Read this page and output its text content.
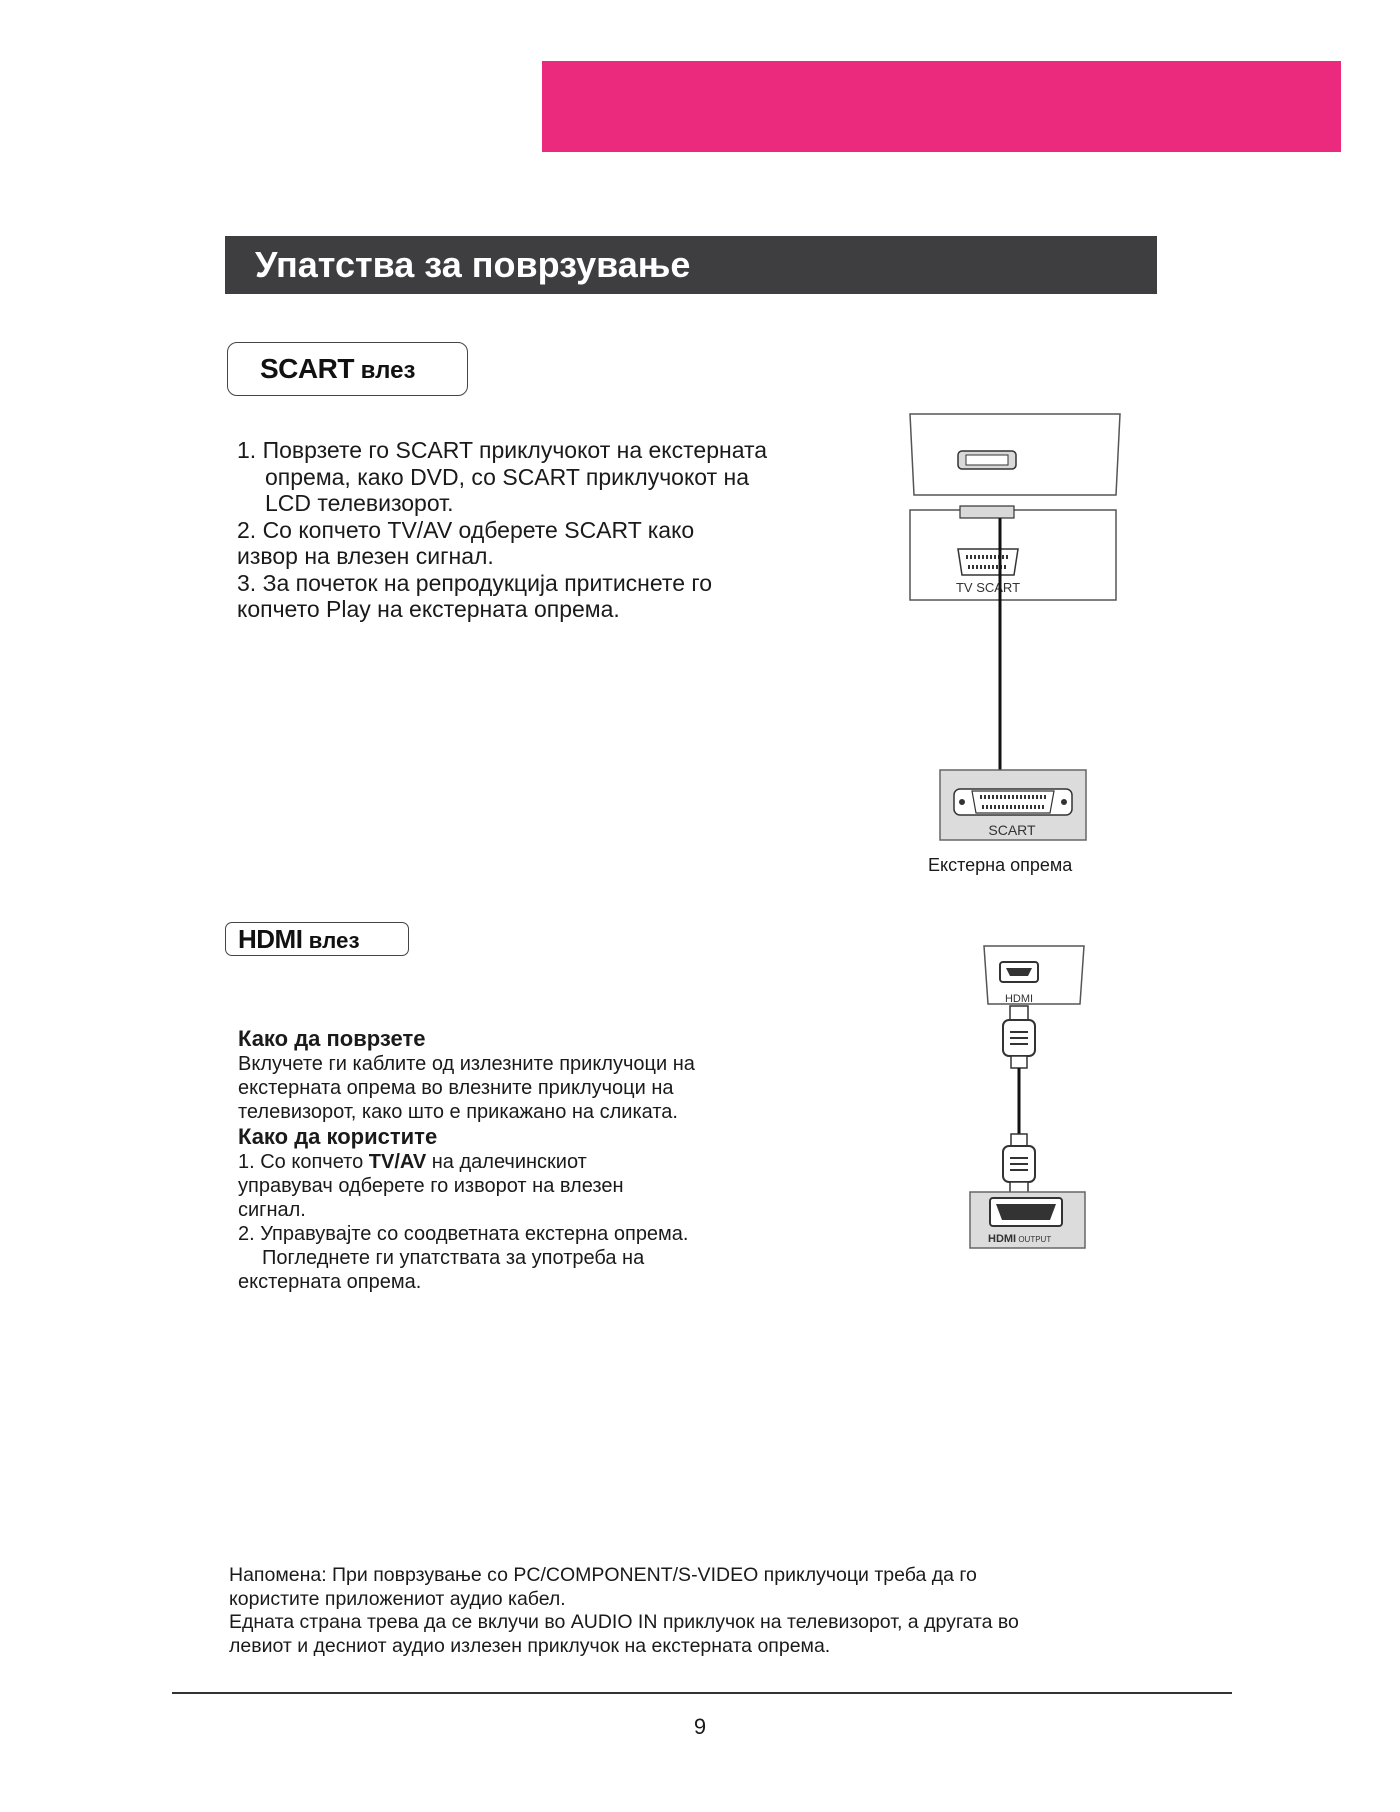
Упатства за поврзување
SCART влез
1. Поврзете го SCART приклучокот на екстерната
опрема, како DVD, со SCART приклучокот на
LCD телевизорот.
2. Со копчето TV/AV одберете SCART како
извор на влезен сигнал.
3. За почеток на репродукција притиснете го
копчето Play на екстерната опрема.
TV SCART
SCART
Екстерна опрема
HDMI влез
Како да поврзете
Вклучете ги каблите од излезните приклучоци на
екстерната опрема во влезните приклучоци на
телевизорот, како што е прикажано на сликата.
Како да користите
1. Со копчето TV/AV на далечинскиот
управувач одберете го изворот на влезен
сигнал.
2. Управувајте со соодветната екстерна опрема.
Погледнете ги упатствата за употреба на
екстерната опрема.
HDMI
HDMI OUTPUT
Напомена: При поврзување со PC/COMPONENT/S-VIDEO приклучоци треба да го
користите приложениот аудио кабел.
Едната страна трева да се вклучи во AUDIO IN приклучок на телевизорот, а другата во
левиот и десниот аудио излезен приклучок на екстерната опрема.
9
